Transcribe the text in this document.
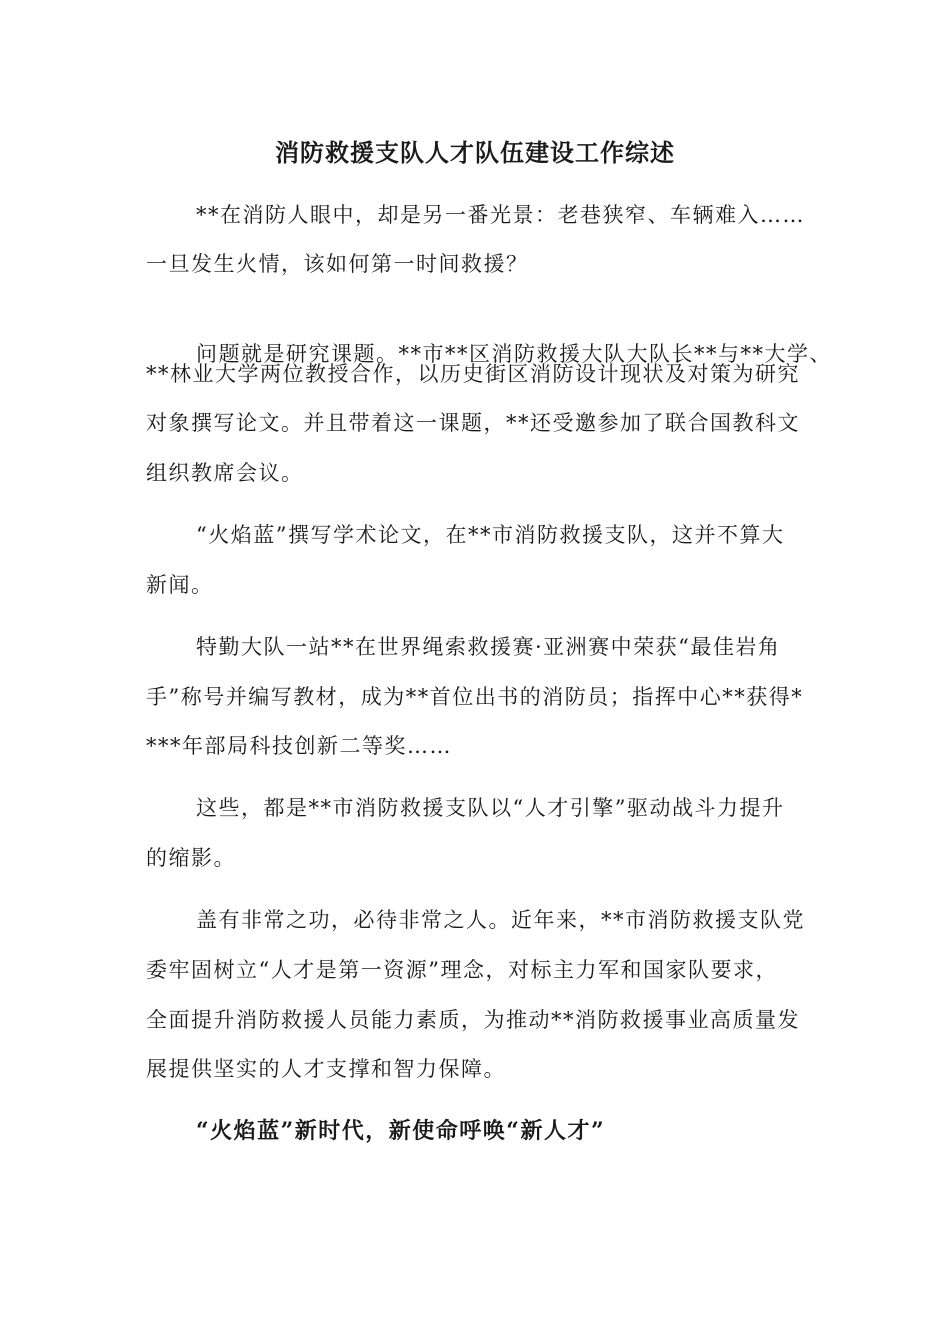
消防救援支队人才队伍建设工作综述
**在消防人眼中，却是另一番光景：老巷狭窄、车辆难入……
一旦发生火情，该如何第一时间救援？
问题就是研究课题。**市**区消防救援大队大队长**与**大学、
**林业大学两位教授合作，以历史街区消防设计现状及对策为研究
对象撰写论文。并且带着这一课题，**还受邀参加了联合国教科文
组织教席会议。
“火焰蓝”撰写学术论文，在**市消防救援支队，这并不算大
新闻。
特勤大队一站**在世界绳索救援赛·亚洲赛中荣获“最佳岩角
手”称号并编写教材，成为**首位出书的消防员；指挥中心**获得*
***年部局科技创新二等奖……
这些，都是**市消防救援支队以“人才引擎”驱动战斗力提升
的缩影。
盖有非常之功，必待非常之人。近年来，**市消防救援支队党
委牢固树立“人才是第一资源”理念，对标主力军和国家队要求，
全面提升消防救援人员能力素质，为推动**消防救援事业高质量发
展提供坚实的人才支撑和智力保障。
“火焰蓝”新时代，新使命呼唤“新人才”
